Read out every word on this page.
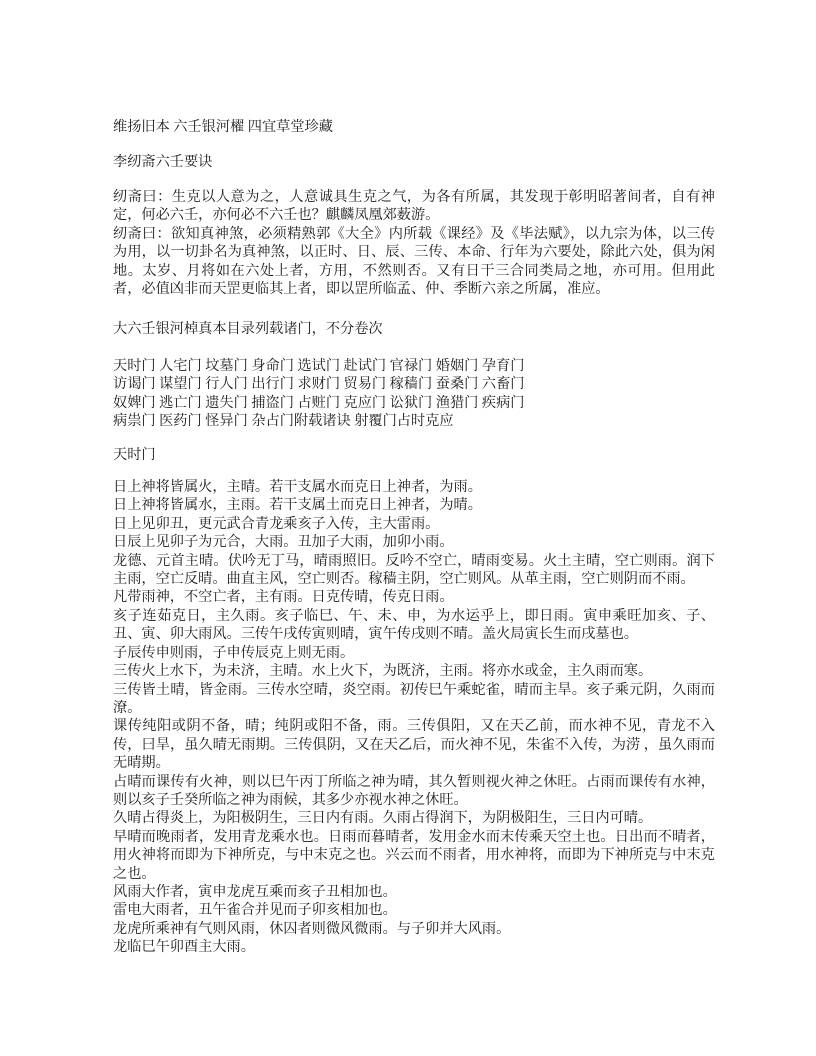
维扬旧本 六壬银河櫂 四宜草堂珍藏

李纫斋六壬要诀

纫斋曰：生克以人意为之，人意诚具生克之气，为各有所属，其发现于彰明昭著间者，自有神定，何必六壬，亦何必不六壬也？麒麟凤凰郊薮游。

纫斋曰：欲知真神煞，必须精熟郭《大全》内所载《课经》及《毕法赋》，以九宗为体，以三传为用，以一切卦名为真神煞，以正时、日、辰、三传、本命、行年为六要处，除此六处，俱为闲地。太岁、月将如在六处上者，方用，不然则否。又有日干三合同类局之地，亦可用。但用此者，必值凶非而天罡更临其上者，即以罡所临孟、仲、季断六亲之所属，准应。

大六壬银河棹真本目录列载诸门，不分卷次

天时门 人宅门 坟墓门 身命门 选试门 赴试门 官禄门 婚姻门 孕育门

访谒门 谋望门 行人门 出行门 求财门 贸易门 稼穑门 蚕桑门 六畜门

奴婢门 逃亡门 遗失门 捕盗门 占赃门 克应门 讼狱门 渔猎门 疾病门

病祟门 医药门 怪异门 杂占门附载诸诀 射覆门占时克应

天时门

日上神将皆属火，主晴。若干支属水而克日上神者，为雨。

日上神将皆属水，主雨。若干支属土而克日上神者，为晴。

日上见卯丑，更元武合青龙乘亥子入传，主大雷雨。

日辰上见卯子为元合，大雨。丑加子大雨，加卯小雨。

龙德、元首主晴。伏吟无丁马，晴雨照旧。反吟不空亡，晴雨变易。火土主晴，空亡则雨。润下主雨，空亡反晴。曲直主风，空亡则否。稼穑主阴，空亡则风。从革主雨，空亡则阴而不雨。

凡带雨神，不空亡者，主有雨。日克传晴，传克日雨。

亥子连茹克日，主久雨。亥子临巳、午、未、申，为水运乎上，即日雨。寅申乘旺加亥、子、丑、寅、卯大雨风。三传午戌传寅则晴，寅午传戌则不晴。盖火局寅长生而戌墓也。

子辰传申则雨，子申传辰克上则无雨。

三传火上水下，为未济，主晴。水上火下，为既济，主雨。将亦水或金，主久雨而寒。

三传皆土晴，皆金雨。三传水空晴，炎空雨。初传巳午乘蛇雀，晴而主旱。亥子乘元阴，久雨而潦。

课传纯阳或阴不备，晴；纯阴或阳不备，雨。三传俱阳，又在天乙前，而水神不见，青龙不入传，曰旱，虽久晴无雨期。三传俱阴，又在天乙后，而火神不见，朱雀不入传，为涝 ，虽久雨而无晴期。

占晴而课传有火神，则以巳午丙丁所临之神为晴，其久暂则视火神之休旺。占雨而课传有水神，则以亥子壬癸所临之神为雨候，其多少亦视水神之休旺。

久晴占得炎上，为阳极阴生，三日内有雨。久雨占得润下，为阴极阳生，三日内可晴。

早晴而晚雨者，发用青龙乘水也。日雨而暮晴者，发用金水而末传乘天空土也。日出而不晴者，用火神将而即为下神所克，与中末克之也。兴云而不雨者，用水神将，而即为下神所克与中末克之也。

风雨大作者，寅申龙虎互乘而亥子丑相加也。

雷电大雨者，丑午雀合并见而子卯亥相加也。

龙虎所乘神有气则风雨，休囚者则微风微雨。与子卯并大风雨。

龙临巳午卯酉主大雨。
